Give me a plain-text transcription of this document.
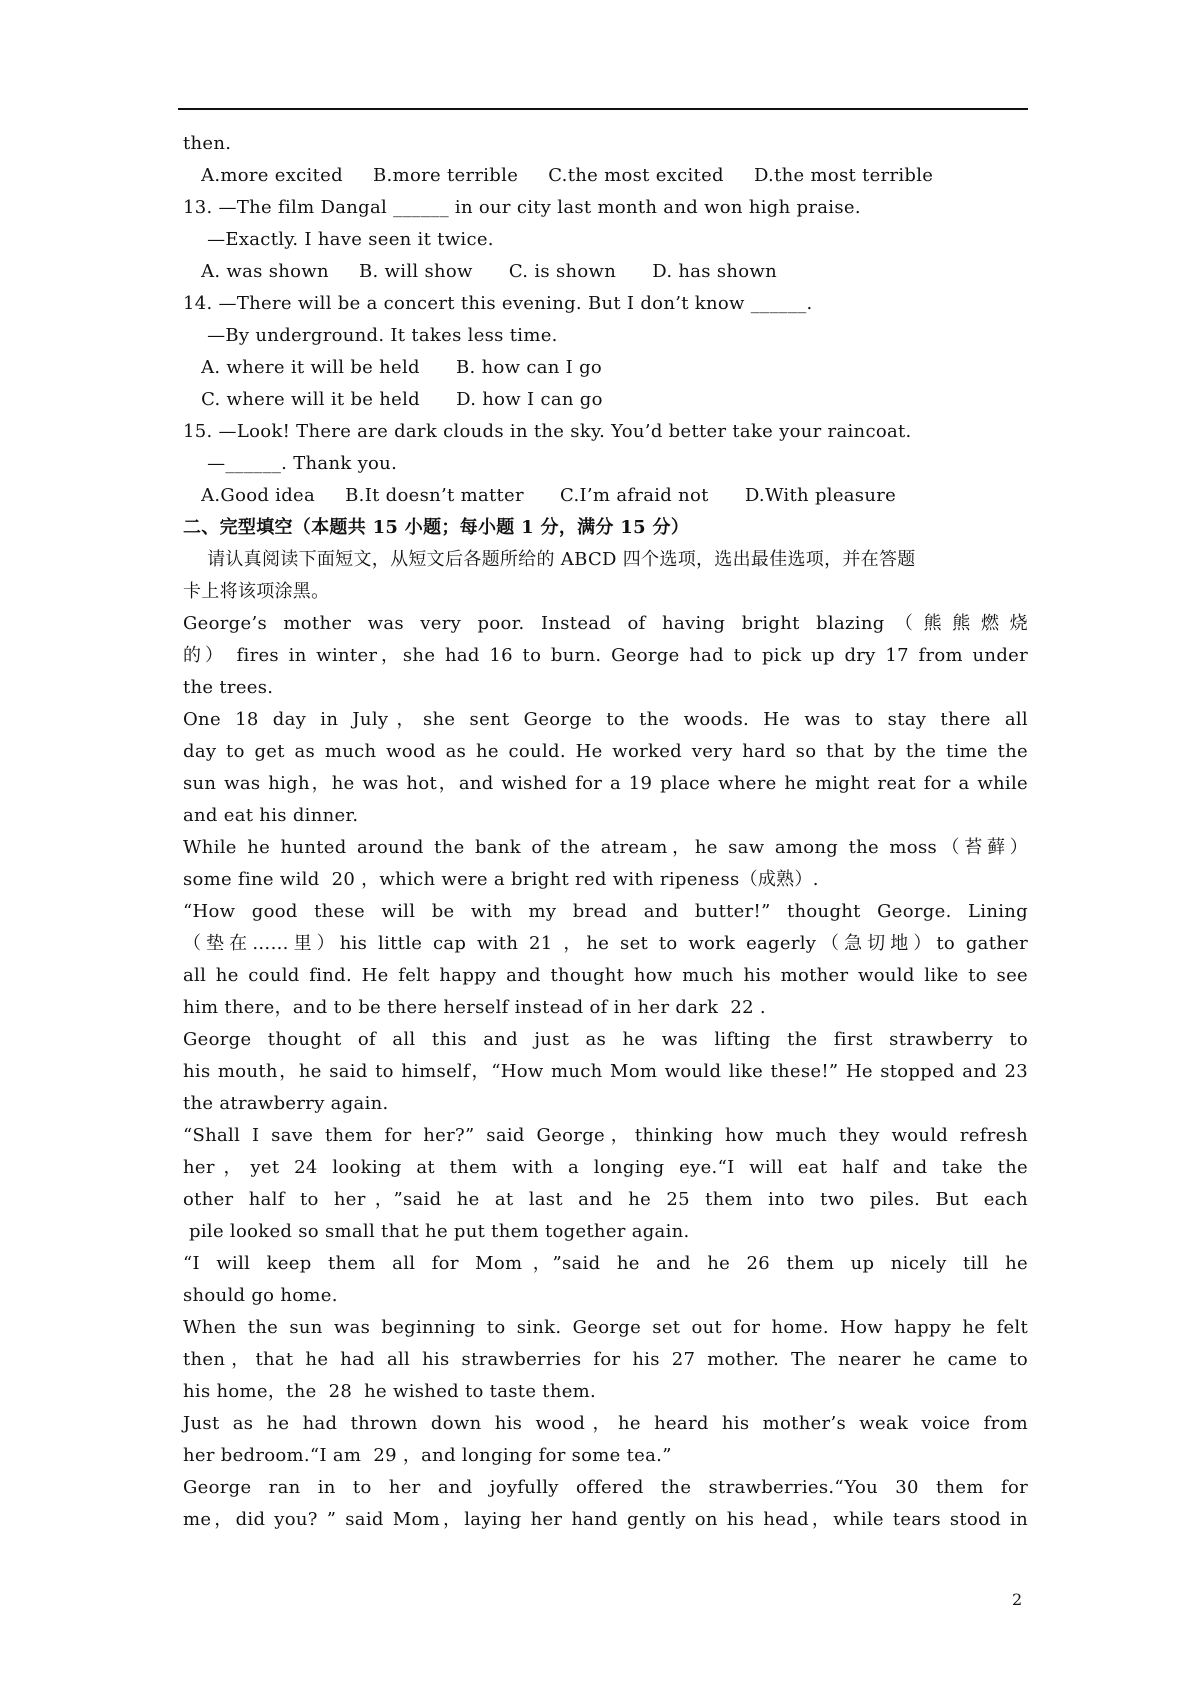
then.
A.more excited     B.more terrible     C.the most excited     D.the most terrible
13. —The film Dangal ______ in our city last month and won high praise.
—Exactly. I have seen it twice.
A. was shown     B. will show      C. is shown      D. has shown
14. —There will be a concert this evening. But I don’t know ______.
—By underground. It takes less time.
A. where it will be held      B. how can I go
C. where will it be held      D. how I can go
15. —Look! There are dark clouds in the sky. You’d better take your raincoat.
—______. Thank you.
A.Good idea     B.It doesn’t matter      C.I’m afraid not      D.With pleasure
二、完型填空（本题共 15 小题；每小题 1 分，满分 15 分）
请认真阅读下面短文，从短文后各题所给的 ABCD 四个选项，选出最佳选项，并在答题
卡上将该项涂黑。
George’s mother was very poor. Instead of having bright blazing（熊熊燃烧
的） fires in winter，she had 16 to burn. George had to pick up dry 17 from under
the trees.
One 18 day in July，she sent George to the woods. He was to stay there all
day to get as much wood as he could. He worked very hard so that by the time the
sun was high，he was hot，and wished for a 19 place where he might reat for a while
and eat his dinner.
While he hunted around the bank of the atream，he saw among the moss（苔藓）
some fine wild  20 ，which were a bright red with ripeness（成熟）.
“How good these will be with my bread and butter!” thought George. Lining
（垫在……里）his little cap with 21 ，he set to work eagerly（急切地）to gather
all he could find. He felt happy and thought how much his mother would like to see
him there，and to be there herself instead of in her dark  22 .
George thought of all this and just as he was lifting the first strawberry to
his mouth，he said to himself，“How much Mom would like these!” He stopped and 23
the atrawberry again.
“Shall I save them for her?” said George，thinking how much they would refresh
her，yet 24 looking at them with a longing eye.“I will eat half and take the
other half to her，”said he at last and he 25 them into two piles. But each
pile looked so small that he put them together again.
“I will keep them all for Mom，”said he and he 26 them up nicely till he
should go home.
When the sun was beginning to sink. George set out for home. How happy he felt
then，that he had all his strawberries for his 27 mother. The nearer he came to
his home，the  28  he wished to taste them.
Just as he had thrown down his wood，he heard his mother’s weak voice from
her bedroom.“I am  29 ，and longing for some tea.”
George ran in to her and joyfully offered the strawberries.“You 30 them for
me，did you? ” said Mom，laying her hand gently on his head，while tears stood in
2
